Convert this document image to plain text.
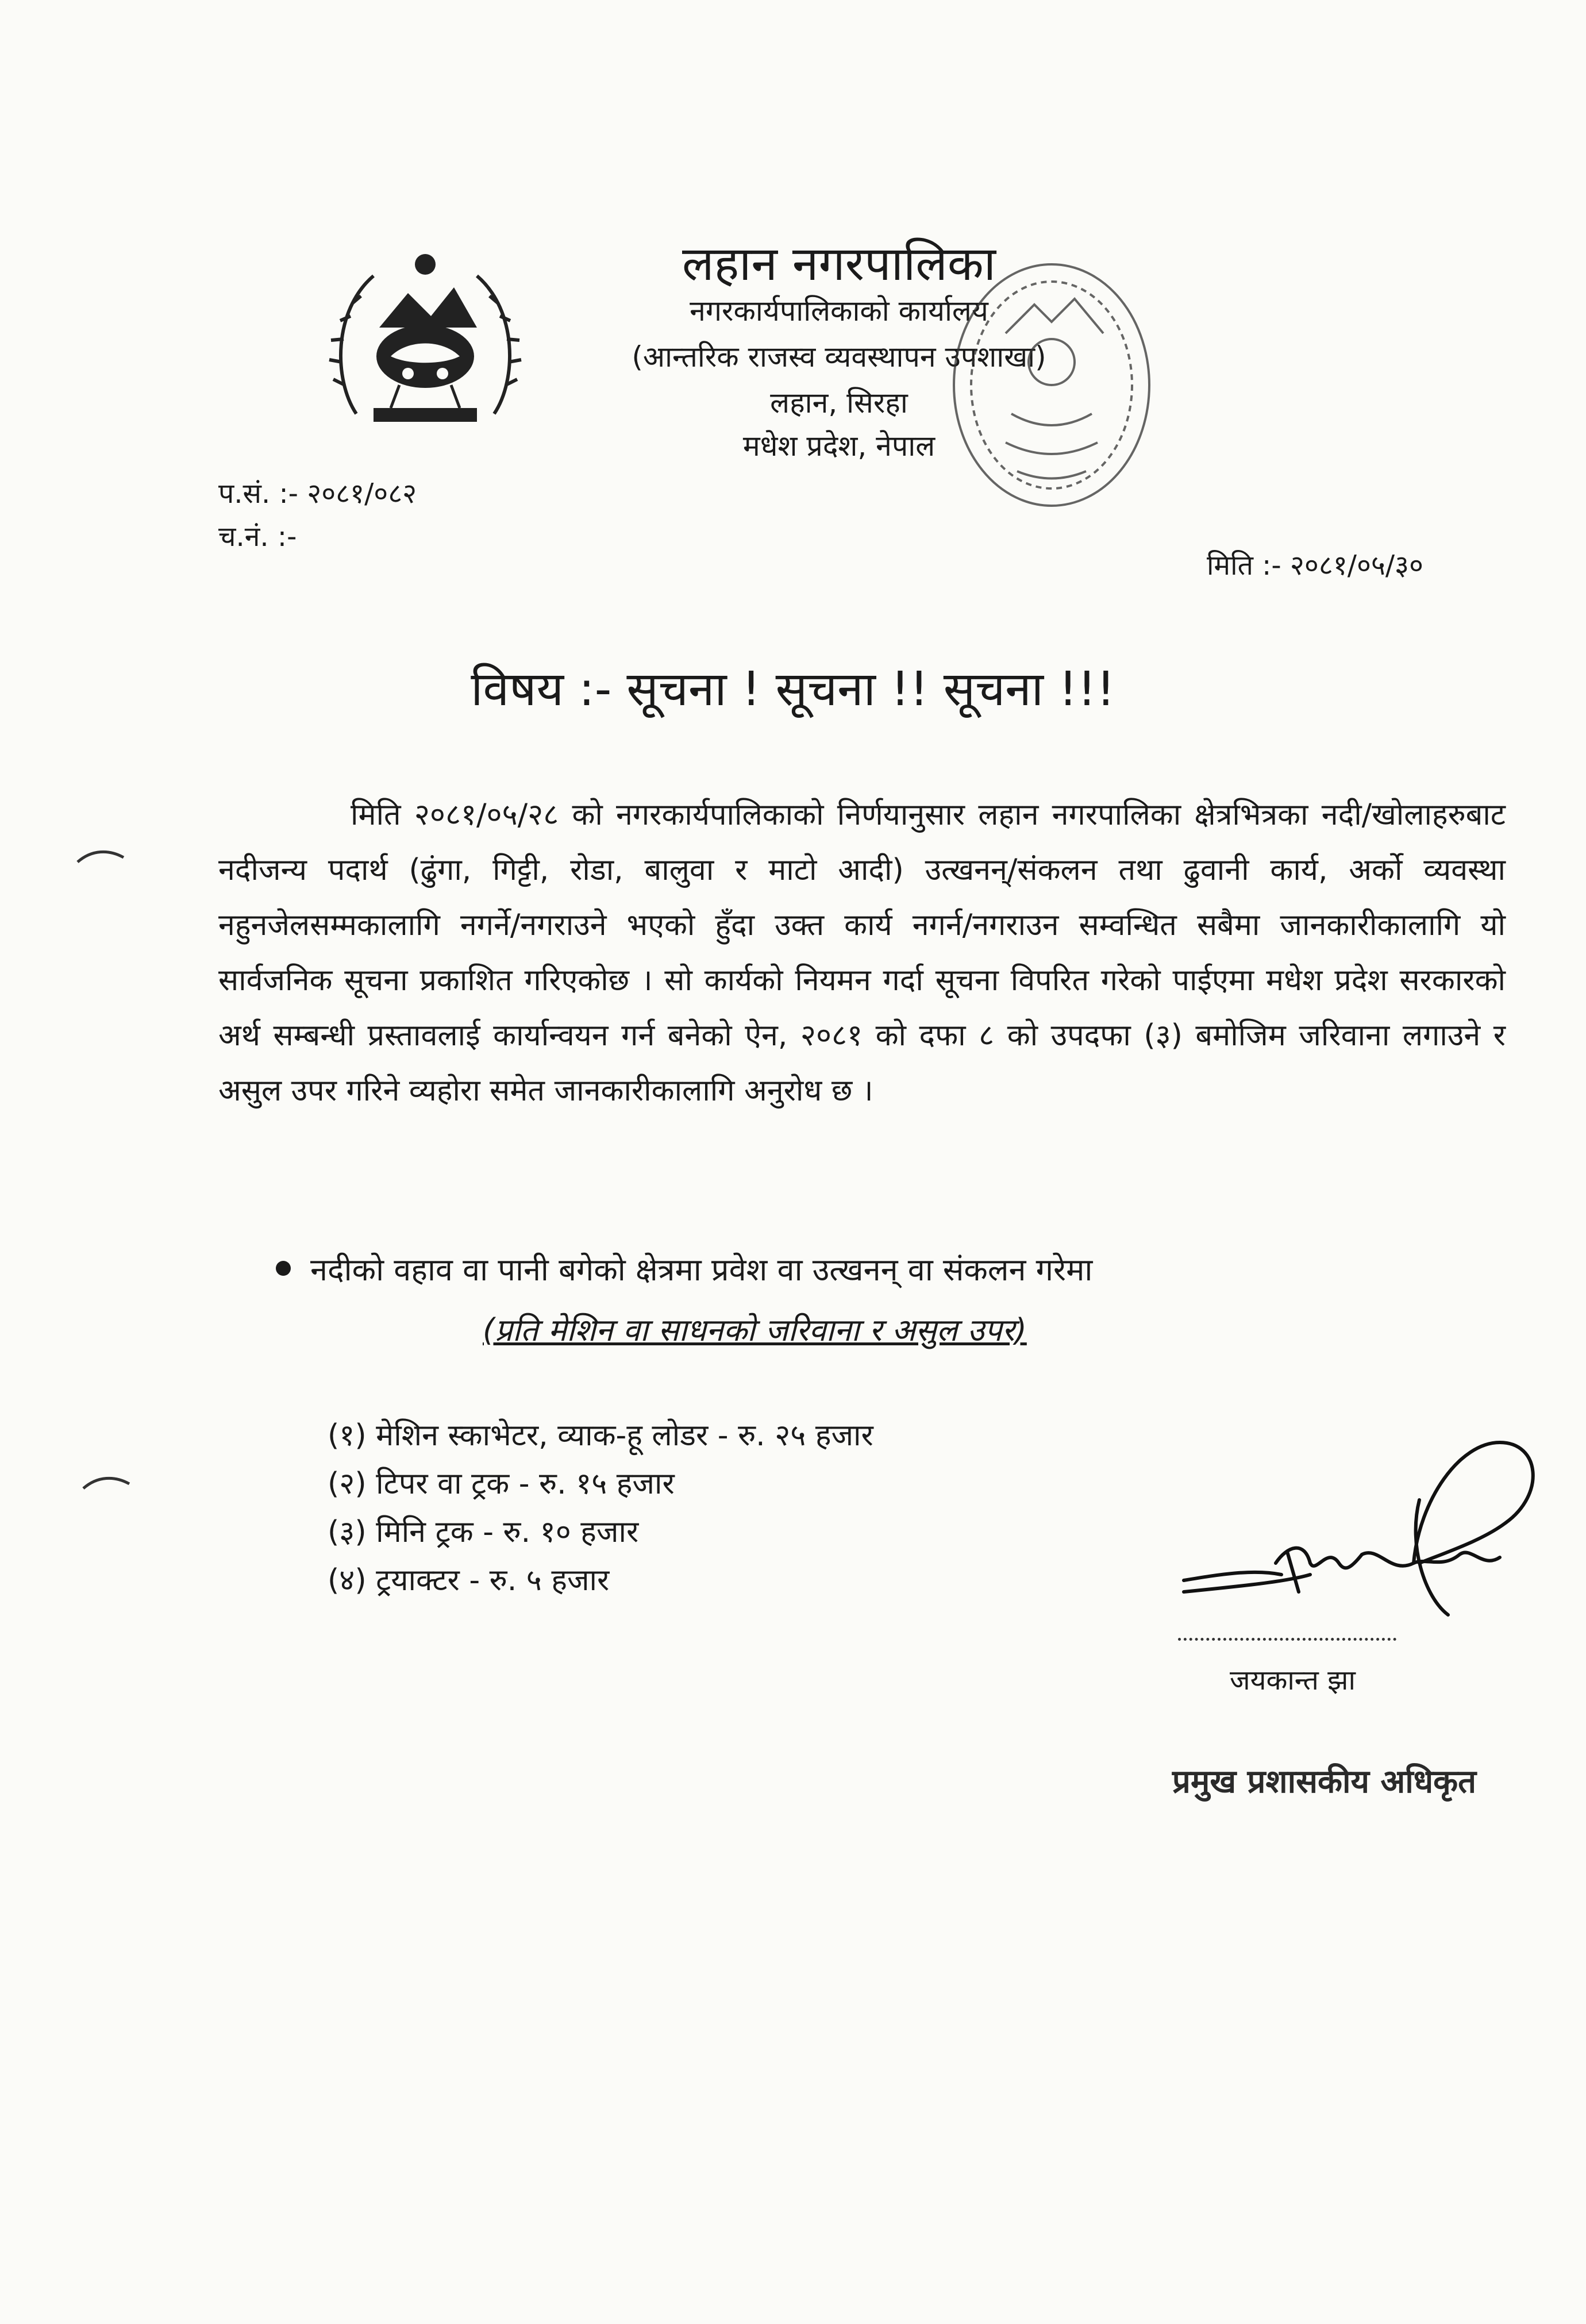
लहान नगरपालिका
नगरकार्यपालिकाको कार्यालय
(आन्तरिक राजस्व व्यवस्थापन उपशाखा)
लहान, सिरहा
मधेश प्रदेश, नेपाल
प.सं. :- २०८१/०८२
च.नं. :-
मिति :- २०८१/०५/३०
विषय :- सूचना ! सूचना !! सूचना !!!
मिति २०८१/०५/२८ को नगरकार्यपालिकाको निर्णयानुसार लहान नगरपालिका क्षेत्रभित्रका नदी/खोलाहरुबाट नदीजन्य पदार्थ (ढुंगा, गिट्टी, रोडा, बालुवा र माटो आदी) उत्खनन्/संकलन तथा ढुवानी कार्य, अर्को व्यवस्था नहुनजेलसम्मकालागि नगर्ने/नगराउने भएको हुँदा उक्त कार्य नगर्न/नगराउन सम्वन्धित सबैमा जानकारीकालागि यो सार्वजनिक सूचना प्रकाशित गरिएकोछ । सो कार्यको नियमन गर्दा सूचना विपरित गरेको पाईएमा मधेश प्रदेश सरकारको अर्थ सम्बन्धी प्रस्तावलाई कार्यान्वयन गर्न बनेको ऐन, २०८१ को दफा ८ को उपदफा (३) बमोजिम जरिवाना लगाउने र असुल उपर गरिने व्यहोरा समेत जानकारीकालागि अनुरोध छ ।
नदीको वहाव वा पानी बगेको क्षेत्रमा प्रवेश वा उत्खनन् वा संकलन गरेमा
(प्रति मेशिन वा साधनको जरिवाना र असुल उपर)
(१) मेशिन स्काभेटर, व्याक-हू लोडर - रु. २५ हजार
(२) टिपर वा ट्रक - रु. १५ हजार
(३) मिनि ट्रक - रु. १० हजार
(४) ट्रयाक्टर - रु. ५ हजार
जयकान्त झा
प्रमुख प्रशासकीय अधिकृत
